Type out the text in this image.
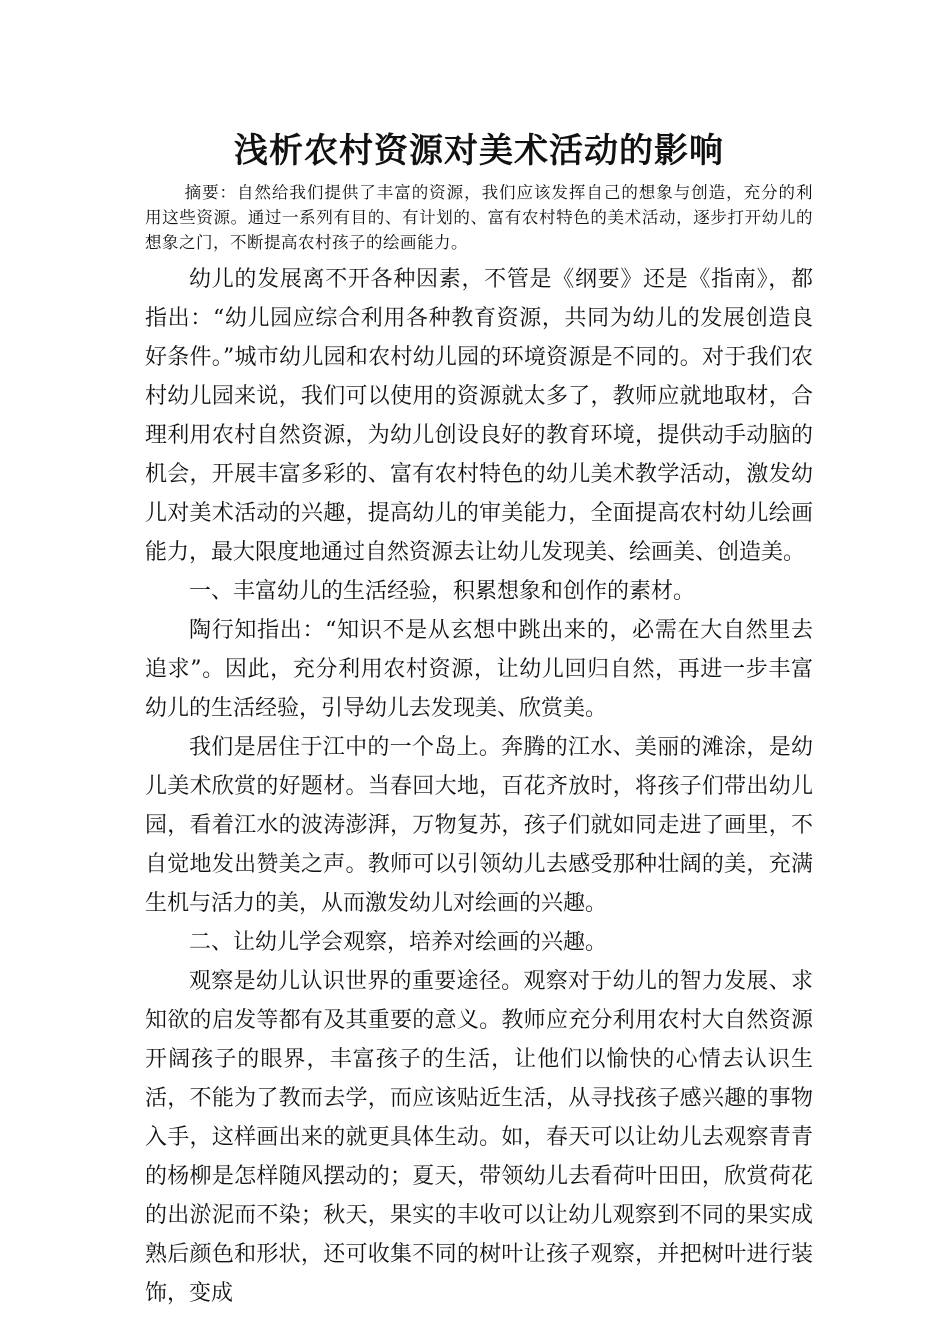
浅析农村资源对美术活动的影响

摘要：自然给我们提供了丰富的资源，我们应该发挥自己的想象与创造，充分的利用这些资源。通过一系列有目的、有计划的、富有农村特色的美术活动，逐步打开幼儿的想象之门，不断提高农村孩子的绘画能力。

幼儿的发展离不开各种因素，不管是《纲要》还是《指南》，都指出：“幼儿园应综合利用各种教育资源，共同为幼儿的发展创造良好条件。”城市幼儿园和农村幼儿园的环境资源是不同的。对于我们农村幼儿园来说，我们可以使用的资源就太多了，教师应就地取材，合理利用农村自然资源，为幼儿创设良好的教育环境，提供动手动脑的机会，开展丰富多彩的、富有农村特色的幼儿美术教学活动，激发幼儿对美术活动的兴趣，提高幼儿的审美能力，全面提高农村幼儿绘画能力，最大限度地通过自然资源去让幼儿发现美、绘画美、创造美。

一、丰富幼儿的生活经验，积累想象和创作的素材。

陶行知指出：“知识不是从玄想中跳出来的，必需在大自然里去追求”。因此，充分利用农村资源，让幼儿回归自然，再进一步丰富幼儿的生活经验，引导幼儿去发现美、欣赏美。

我们是居住于江中的一个岛上。奔腾的江水、美丽的滩涂，是幼儿美术欣赏的好题材。当春回大地，百花齐放时，将孩子们带出幼儿园，看着江水的波涛澎湃，万物复苏，孩子们就如同走进了画里，不自觉地发出赞美之声。教师可以引领幼儿去感受那种壮阔的美，充满生机与活力的美，从而激发幼儿对绘画的兴趣。

二、让幼儿学会观察，培养对绘画的兴趣。

观察是幼儿认识世界的重要途径。观察对于幼儿的智力发展、求知欲的启发等都有及其重要的意义。教师应充分利用农村大自然资源开阔孩子的眼界，丰富孩子的生活，让他们以愉快的心情去认识生活，不能为了教而去学，而应该贴近生活，从寻找孩子感兴趣的事物入手，这样画出来的就更具体生动。如，春天可以让幼儿去观察青青的杨柳是怎样随风摆动的；夏天，带领幼儿去看荷叶田田，欣赏荷花的出淤泥而不染；秋天，果实的丰收可以让幼儿观察到不同的果实成熟后颜色和形状，还可收集不同的树叶让孩子观察，并把树叶进行装饰，变成
